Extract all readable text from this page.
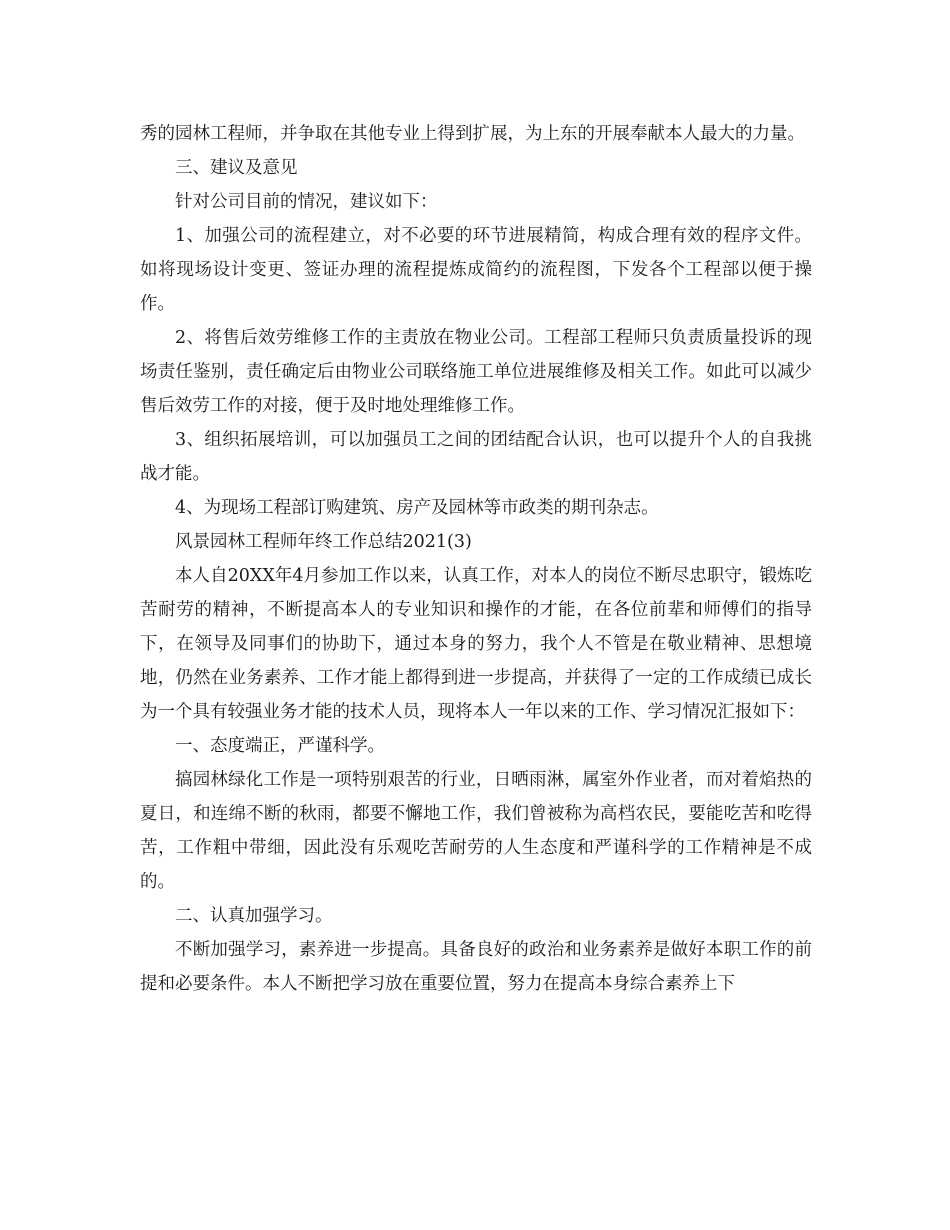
秀的园林工程师，并争取在其他专业上得到扩展，为上东的开展奉献本人最大的力量。

三、建议及意见

针对公司目前的情况，建议如下：

1、加强公司的流程建立，对不必要的环节进展精简，构成合理有效的程序文件。如将现场设计变更、签证办理的流程提炼成简约的流程图，下发各个工程部以便于操作。

2、将售后效劳维修工作的主责放在物业公司。工程部工程师只负责质量投诉的现场责任鉴别，责任确定后由物业公司联络施工单位进展维修及相关工作。如此可以减少售后效劳工作的对接，便于及时地处理维修工作。

3、组织拓展培训，可以加强员工之间的团结配合认识，也可以提升个人的自我挑战才能。

4、为现场工程部订购建筑、房产及园林等市政类的期刊杂志。

风景园林工程师年终工作总结2021(3)

本人自20XX年4月参加工作以来，认真工作，对本人的岗位不断尽忠职守，锻炼吃苦耐劳的精神，不断提高本人的专业知识和操作的才能，在各位前辈和师傅们的指导下，在领导及同事们的协助下，通过本身的努力，我个人不管是在敬业精神、思想境地，仍然在业务素养、工作才能上都得到进一步提高，并获得了一定的工作成绩已成长为一个具有较强业务才能的技术人员，现将本人一年以来的工作、学习情况汇报如下：

一、态度端正，严谨科学。

搞园林绿化工作是一项特别艰苦的行业，日晒雨淋，属室外作业者，而对着焰热的夏日，和连绵不断的秋雨，都要不懈地工作，我们曾被称为高档农民，要能吃苦和吃得苦，工作粗中带细，因此没有乐观吃苦耐劳的人生态度和严谨科学的工作精神是不成的。

二、认真加强学习。

不断加强学习，素养进一步提高。具备良好的政治和业务素养是做好本职工作的前提和必要条件。本人不断把学习放在重要位置，努力在提高本身综合素养上下
